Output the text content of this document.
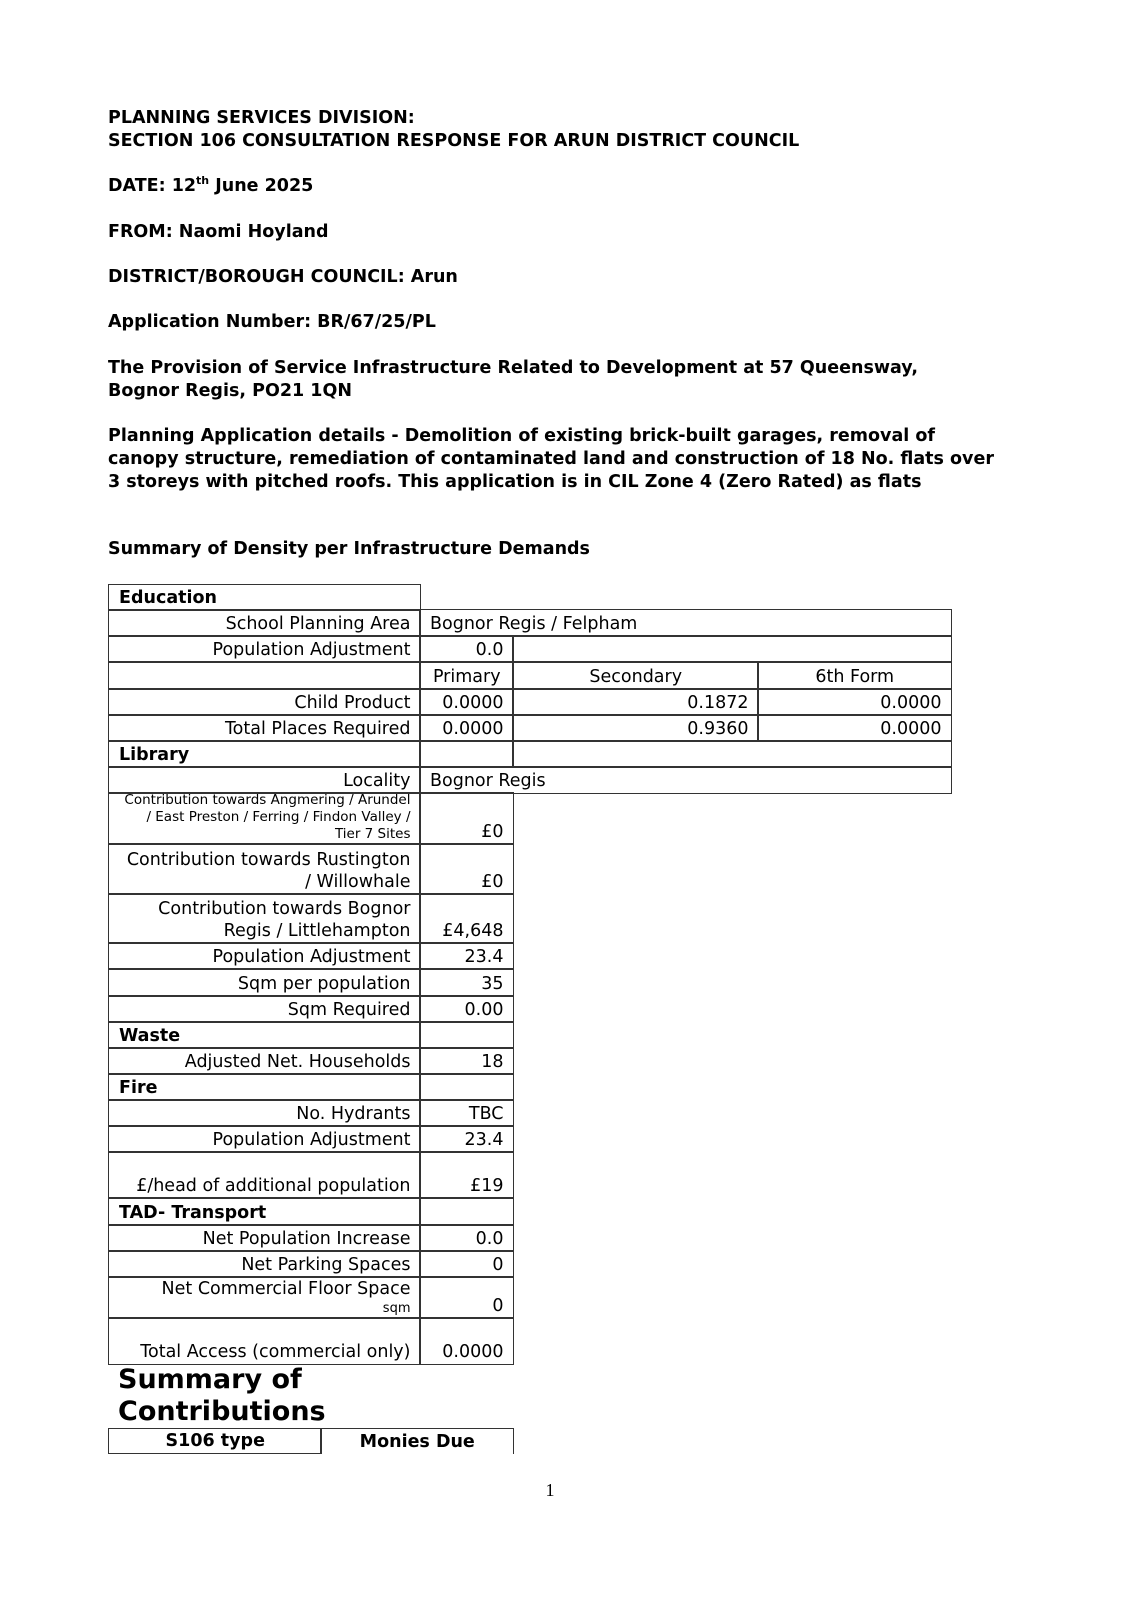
PLANNING SERVICES DIVISION:
SECTION 106 CONSULTATION RESPONSE FOR ARUN DISTRICT COUNCIL
DATE: 12th June 2025
FROM: Naomi Hoyland
DISTRICT/BOROUGH COUNCIL: Arun
Application Number: BR/67/25/PL
The Provision of Service Infrastructure Related to Development at 57 Queensway, Bognor Regis, PO21 1QN
Planning Application details - Demolition of existing brick-built garages, removal of canopy structure, remediation of contaminated land and construction of 18 No. flats over 3 storeys with pitched roofs. This application is in CIL Zone 4 (Zero Rated) as flats
Summary of Density per Infrastructure Demands
Education
School Planning Area	Bognor Regis / Felpham
Population Adjustment	0.0
Primary	Secondary	6th Form
Child Product	0.0000	0.1872	0.0000
Total Places Required	0.0000	0.9360	0.0000
Library
Locality	Bognor Regis
Contribution towards Angmering / Arundel / East Preston / Ferring / Findon Valley / Tier 7 Sites	£0
Contribution towards Rustington / Willowhale	£0
Contribution towards Bognor Regis / Littlehampton	£4,648
Population Adjustment	23.4
Sqm per population	35
Sqm Required	0.00
Waste
Adjusted Net. Households	18
Fire
No. Hydrants	TBC
Population Adjustment	23.4
£/head of additional population	£19
TAD- Transport
Net Population Increase	0.0
Net Parking Spaces	0
Net Commercial Floor Space
sqm	0
Total Access (commercial only)	0.0000
Summary of Contributions
S106 type	Monies Due
1
